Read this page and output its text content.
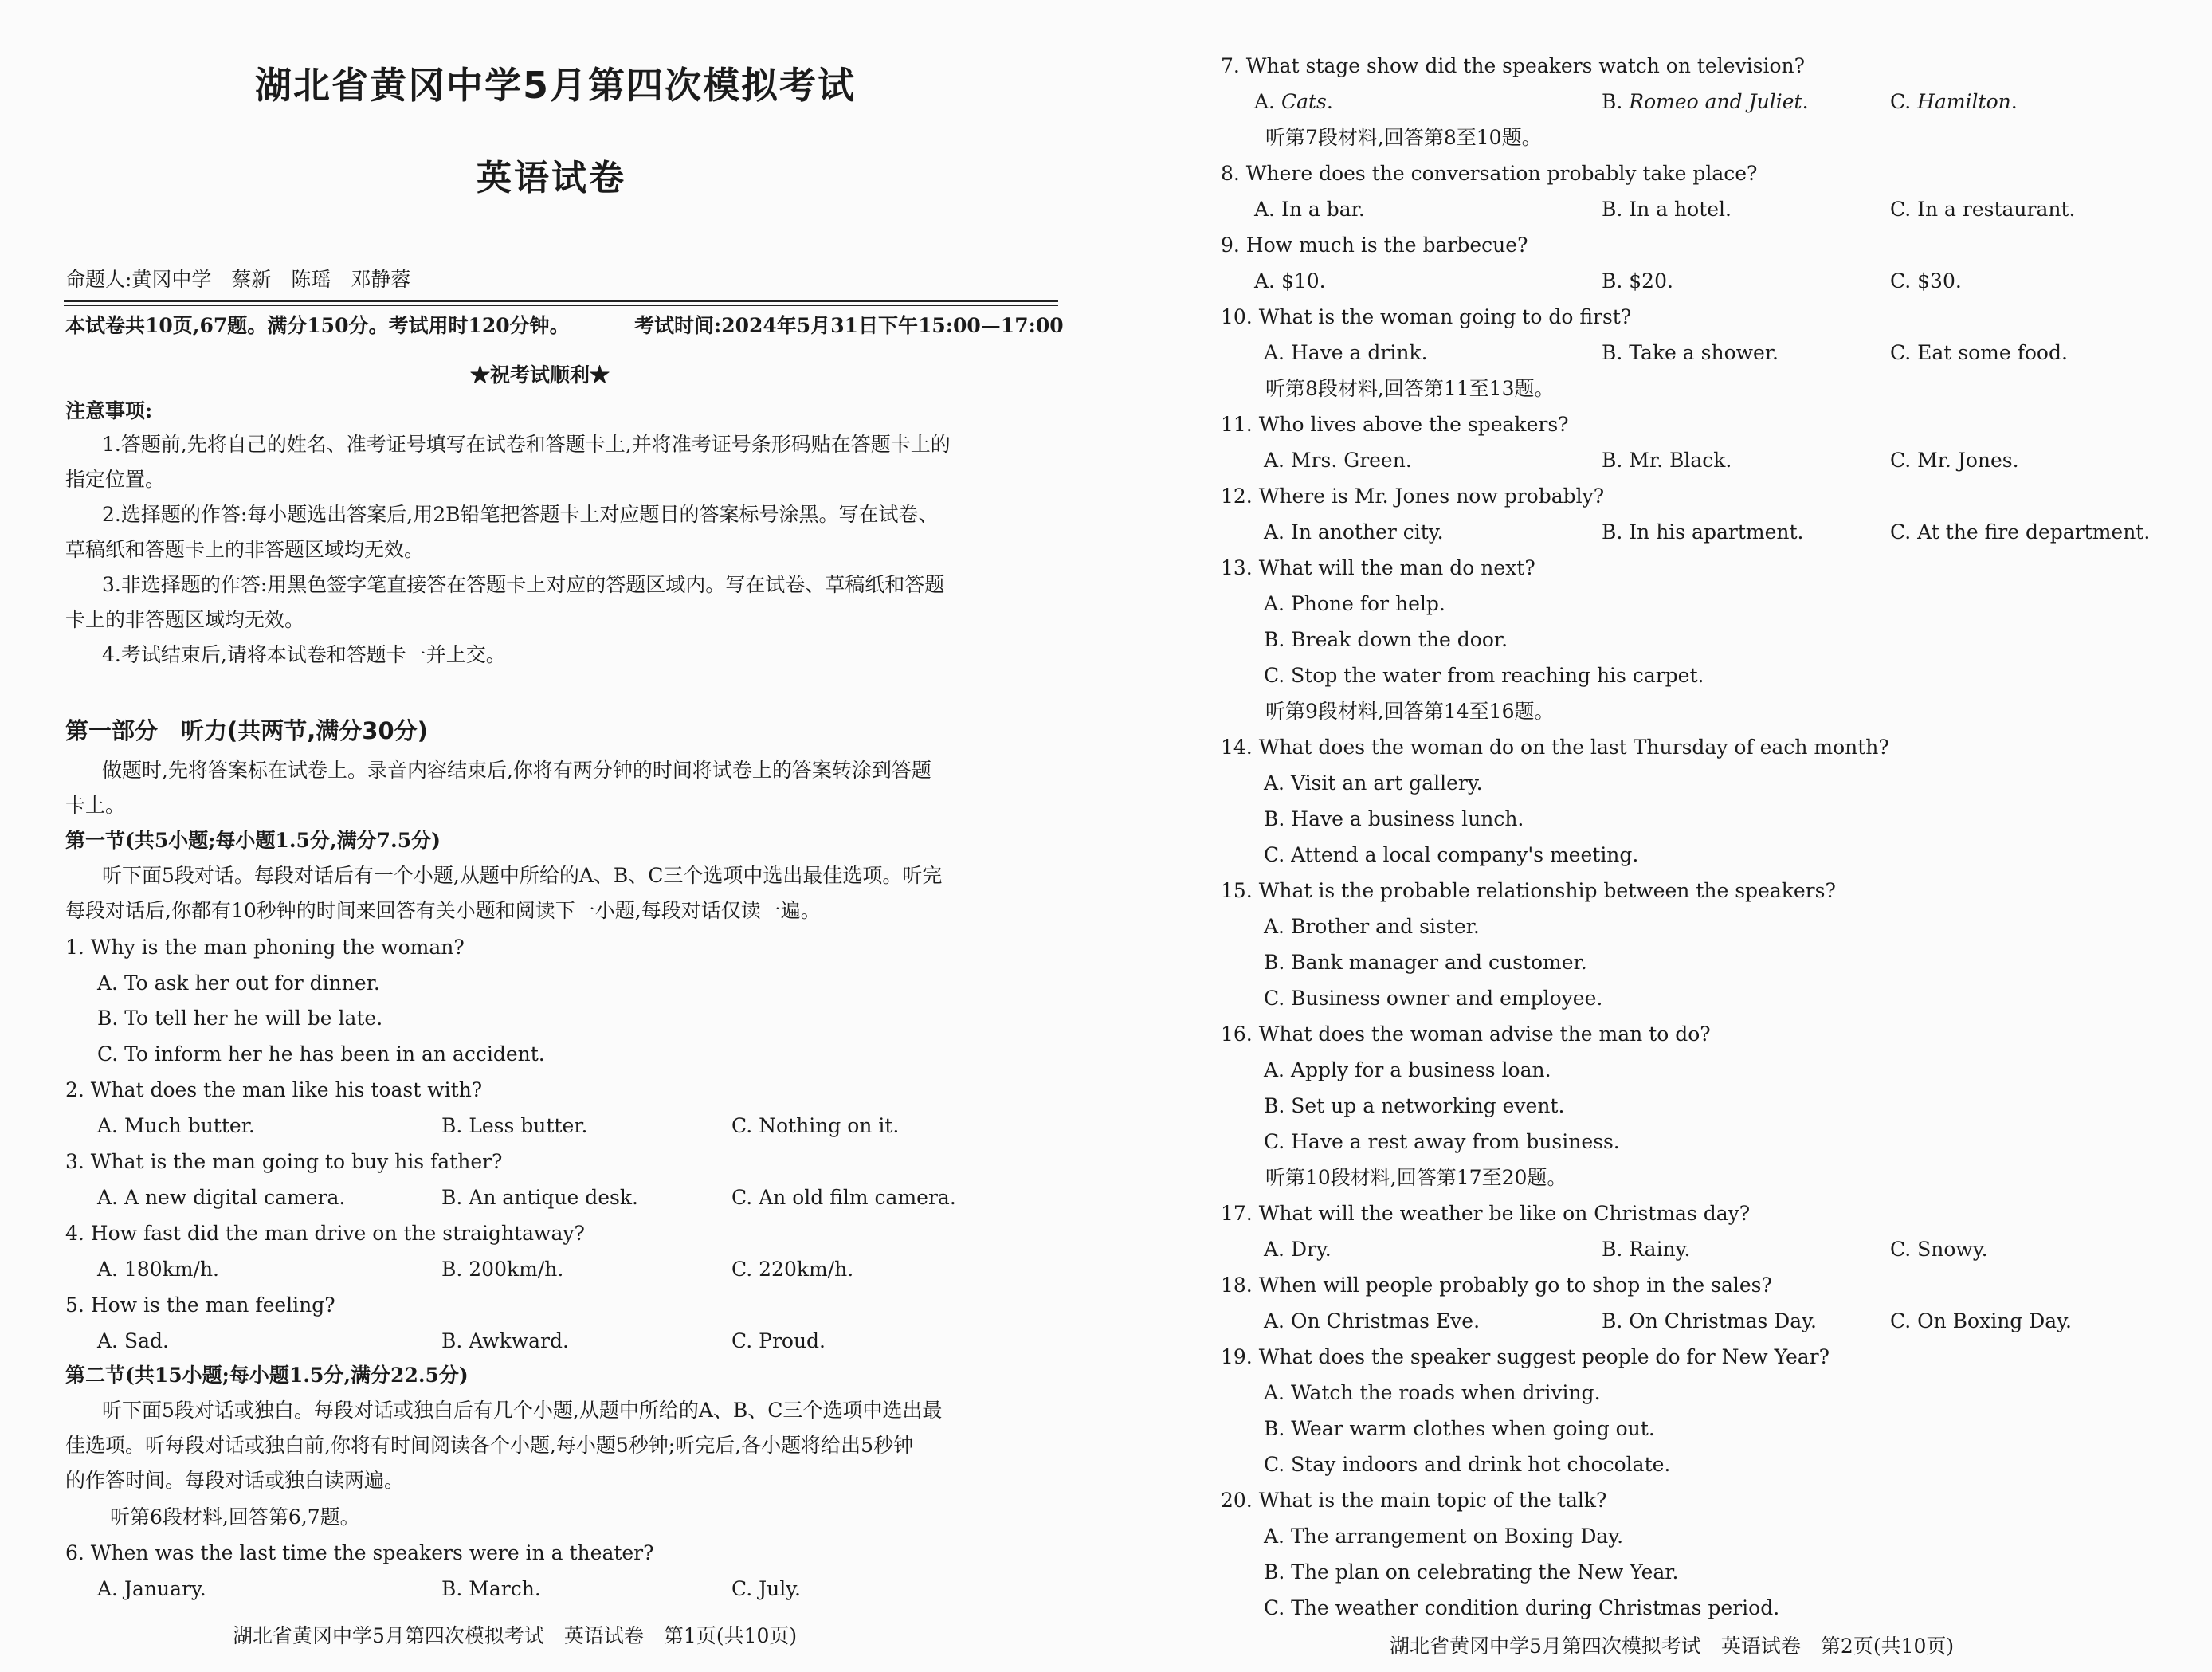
湖北省黄冈中学5月第四次模拟考试
英语试卷
命题人:黄冈中学　蔡新　陈瑶　邓静蓉
本试卷共10页,67题。满分150分。考试用时120分钟。	考试时间:2024年5月31日下午15:00—17:00
★祝考试顺利★
注意事项:
1.答题前,先将自己的姓名、准考证号填写在试卷和答题卡上,并将准考证号条形码贴在答题卡上的
指定位置。
2.选择题的作答:每小题选出答案后,用2B铅笔把答题卡上对应题目的答案标号涂黑。写在试卷、
草稿纸和答题卡上的非答题区域均无效。
3.非选择题的作答:用黑色签字笔直接答在答题卡上对应的答题区域内。写在试卷、草稿纸和答题
卡上的非答题区域均无效。
4.考试结束后,请将本试卷和答题卡一并上交。
第一部分　听力(共两节,满分30分)
做题时,先将答案标在试卷上。录音内容结束后,你将有两分钟的时间将试卷上的答案转涂到答题
卡上。
第一节(共5小题;每小题1.5分,满分7.5分)
听下面5段对话。每段对话后有一个小题,从题中所给的A、B、C三个选项中选出最佳选项。听完
每段对话后,你都有10秒钟的时间来回答有关小题和阅读下一小题,每段对话仅读一遍。
1. Why is the man phoning the woman?
A. To ask her out for dinner.
B. To tell her he will be late.
C. To inform her he has been in an accident.
2. What does the man like his toast with?
A. Much butter.	B. Less butter.	C. Nothing on it.
3. What is the man going to buy his father?
A. A new digital camera.	B. An antique desk.	C. An old film camera.
4. How fast did the man drive on the straightaway?
A. 180km/h.	B. 200km/h.	C. 220km/h.
5. How is the man feeling?
A. Sad.	B. Awkward.	C. Proud.
第二节(共15小题;每小题1.5分,满分22.5分)
听下面5段对话或独白。每段对话或独白后有几个小题,从题中所给的A、B、C三个选项中选出最
佳选项。听每段对话或独白前,你将有时间阅读各个小题,每小题5秒钟;听完后,各小题将给出5秒钟
的作答时间。每段对话或独白读两遍。
听第6段材料,回答第6,7题。
6. When was the last time the speakers were in a theater?
A. January.	B. March.	C. July.
湖北省黄冈中学5月第四次模拟考试　英语试卷　第1页(共10页)
7. What stage show did the speakers watch on television?
A. Cats.	B. Romeo and Juliet.	C. Hamilton.
听第7段材料,回答第8至10题。
8. Where does the conversation probably take place?
A. In a bar.	B. In a hotel.	C. In a restaurant.
9. How much is the barbecue?
A. $10.	B. $20.	C. $30.
10. What is the woman going to do first?
A. Have a drink.	B. Take a shower.	C. Eat some food.
听第8段材料,回答第11至13题。
11. Who lives above the speakers?
A. Mrs. Green.	B. Mr. Black.	C. Mr. Jones.
12. Where is Mr. Jones now probably?
A. In another city.	B. In his apartment.	C. At the fire department.
13. What will the man do next?
A. Phone for help.
B. Break down the door.
C. Stop the water from reaching his carpet.
听第9段材料,回答第14至16题。
14. What does the woman do on the last Thursday of each month?
A. Visit an art gallery.
B. Have a business lunch.
C. Attend a local company's meeting.
15. What is the probable relationship between the speakers?
A. Brother and sister.
B. Bank manager and customer.
C. Business owner and employee.
16. What does the woman advise the man to do?
A. Apply for a business loan.
B. Set up a networking event.
C. Have a rest away from business.
听第10段材料,回答第17至20题。
17. What will the weather be like on Christmas day?
A. Dry.	B. Rainy.	C. Snowy.
18. When will people probably go to shop in the sales?
A. On Christmas Eve.	B. On Christmas Day.	C. On Boxing Day.
19. What does the speaker suggest people do for New Year?
A. Watch the roads when driving.
B. Wear warm clothes when going out.
C. Stay indoors and drink hot chocolate.
20. What is the main topic of the talk?
A. The arrangement on Boxing Day.
B. The plan on celebrating the New Year.
C. The weather condition during Christmas period.
湖北省黄冈中学5月第四次模拟考试　英语试卷　第2页(共10页)
